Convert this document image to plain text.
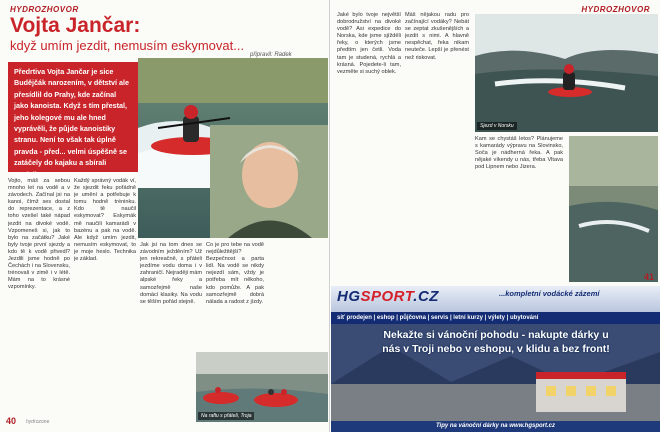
HYDROZHOVOR
Vojta Jančar:
když umím jezdit, nemusím eskymovat...
připravil: Radek
Předrtiva Vojta Jančar je sice Budějčák narozením, v dětství ale přesídlil do Prahy, kde začínal jako kanoista. Když s tím přestal, jeho kolegové mu ale hned vyprávěli, že půjde kanoistiky stranu. Není to však tak úplně pravda - před... velmi úspěšně se zatáčely do kajaku a sbírali medaile...
Vojto, máš za sebou mnoho let na vodě a v závodech. Začínal jsi na kanoi, čímž ses dostal do reprezentace, a z toho vzešel také nápad jezdit na divoké vodě. Vzpomeneš si, jak to bylo na začátku? Jaké byly tvoje první sjezdy a kdo tě k vodě přivedl? Jezdili jsme hodně po Čechách i na Slovensku, trénovali v zimě i v létě. Mám na to krásné vzpomínky.
Každý správný vodák ví, že sjezdit řeku pořádně je umění a potřebuje k tomu hodně tréninku. Kdo tě naučil eskymovat? Eskymák mě naučili kamarádi v bazénu a pak na vodě. Ale když umím jezdit, nemusím eskymovat, to je moje heslo. Technika je základ.
Jak jsi na tom dnes se závodním ježděním? Už jen rekreačně, s přáteli jezdíme vodu doma i v zahraničí. Nejraději mám alpské řeky a samozřejmě naše domácí klasiky. Na vodu se těším pořád stejně.
Co je pro tebe na vodě nejdůležitější? Bezpečnost a parta lidí. Na vodě se nikdy nejezdí sám, vždy je potřeba mít někoho, kdo pomůže. A pak samozřejmě dobrá nálada a radost z jízdy.
Na raftu s přáteli, Troja
40 hydrozone
HYDROZHOVOR
Jaké bylo tvoje největší dobrodružství na divoké vodě? Asi expedice do Norska, kde jsme sjížděli řeky, o kterých jsme předtím jen četli. Voda tam je studená, rychlá a krásná. Pojedete-li tam, vezměte si suchý oblek.
Máš nějakou radu pro začínající vodáky? Nebát se zeptat zkušenějších a jezdit s nimi. A hlavně nespěchat, řeka nikam neuteče. Lepší je přenést než riskovat.
Sjezd v Norsku
Kam se chystáš letos? Plánujeme s kamarády výpravu na Slovinsko, Soča je nádherná řeka. A pak nějaké víkendy u nás, třeba Vltava pod Lipnem nebo Jizera.
41
HGSPORT.CZ	...kompletní vodácké zázemí
síť prodejen | eshop | půjčovna | servis | letní kurzy | výlety | ubytování
Nekažte si vánoční pohodu - nakupte dárky u
nás v Troji nebo v eshopu, v klidu a bez front!
Tipy na vánoční dárky na www.hgsport.cz
